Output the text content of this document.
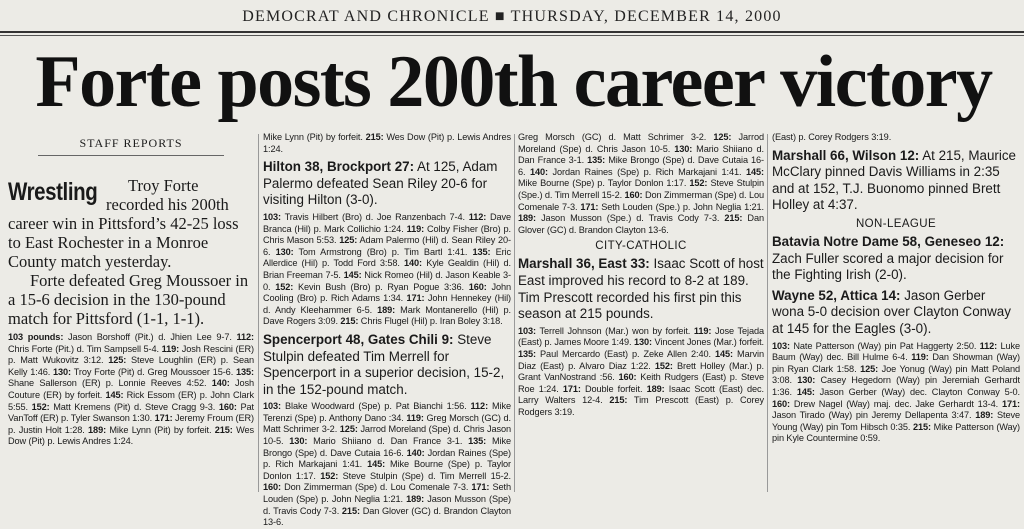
DEMOCRAT AND CHRONICLE ■ THURSDAY, DECEMBER 14, 2000
Forte posts 200th career victory
STAFF REPORTS
Wrestling	Troy Forte recorded his 200th career win in Pittsford’s 42-25 loss to East Rochester in a Monroe County match yesterday.

Forte defeated Greg Moussoer in a 15-6 decision in the 130-pound match for Pittsford (1-1, 1-1).

103 pounds: Jason Borshoff (Pit.) d. Jhien Lee 9-7. 112: Chris Forte (Pit.) d. Tim Sampsell 5-4. 119: Josh Rescini (ER) p. Matt Wukovitz 3:12. 125: Steve Loughlin (ER) p. Sean Kelly 1:46. 130: Troy Forte (Pit) d. Greg Moussoer 15-6. 135: Shane Sallerson (ER) p. Lonnie Reeves 4:52. 140: Josh Couture (ER) by forfeit. 145: Rick Essom (ER) p. John Clark 5:55. 152: Matt Kremens (Pit) d. Steve Cragg 9-3. 160: Pat VanToff (ER) p. Tyler Swanson 1:30. 171: Jeremy Froum (ER) p. Justin Holt 1:28. 189: Mike Lynn (Pit) by forfeit. 215: Wes Dow (Pit) p. Lewis Andres 1:24.

Mike Lynn (Pit) by forfeit. 215: Wes Dow (Pit) p. Lewis Andres 1:24.

Hilton 38, Brockport 27: At 125, Adam Palermo defeated Sean Riley 20-6 for visiting Hilton (3-0).

103: Travis Hilbert (Bro) d. Joe Ranzenbach 7-4. 112: Dave Branca (Hil) p. Mark Collichio 1:24. 119: Colby Fisher (Bro) p. Chris Mason 5:53. 125: Adam Palermo (Hil) d. Sean Riley 20-6. 130: Tom Armstrong (Bro) p. Tim Bartl 1:41. 135: Eric Allerdice (Hil) p. Todd Ford 3:58. 140: Kyle Gealdin (Hil) d. Brian Freeman 7-5. 145: Nick Romeo (Hil) d. Jason Keable 3-0. 152: Kevin Bush (Bro) p. Ryan Pogue 3:36. 160: John Cooling (Bro) p. Rich Adams 1:34. 171: John Hennekey (Hil) d. Andy Kleehammer 6-5. 189: Mark Montanerello (Hil) p. Dave Rogers 3:09. 215: Chris Flugel (Hil) p. Iran Boley 3:18.

Spencerport 48, Gates Chili 9: Steve Stulpin defeated Tim Merrell for Spencerport in a superior decision, 15-2, in the 152-pound match.

103: Blake Woodward (Spe) p. Pat Bianchi 1:56. 112: Mike Terenzi (Spe) p. Anthony Dano :34. 119: Greg Morsch (GC) d. Matt Schrimer 3-2. 125: Jarrod Moreland (Spe) d. Chris Jason 10-5. 130: Mario Shiiano d. Dan France 3-1. 135: Mike Brongo (Spe) d. Dave Cutaia 16-6. 140: Jordan Raines (Spe) p. Rich Markajani 1:41. 145: Mike Bourne (Spe) p. Taylor Donlon 1:17. 152: Steve Stulpin (Spe) d. Tim Merrell 15-2. 160: Don Zimmerman (Spe) d. Lou Comenale 7-3. 171: Seth Louden (Spe) p. John Neglia 1:21. 189: Jason Musson (Spe) d. Travis Cody 7-3. 215: Dan Glover (GC) d. Brandon Clayton 13-6.

Greg Morsch (GC) d. Matt Schrimer 3-2. 125: Jarrod Moreland (Spe) d. Chris Jason 10-5. 130: Mario Shiiano d. Dan France 3-1. 135: Mike Brongo (Spe) d. Dave Cutaia 16-6. 140: Jordan Raines (Spe) p. Rich Markajani 1:41. 145: Mike Bourne (Spe) p. Taylor Donlon 1:17. 152: Steve Stulpin (Spe.) d. Tim Merrell 15-2. 160: Don Zimmerman (Spe) d. Lou Comenale 7-3. 171: Seth Louden (Spe.) p. John Neglia 1:21. 189: Jason Musson (Spe.) d. Travis Cody 7-3. 215: Dan Glover (GC) d. Brandon Clayton 13-6.

CITY-CATHOLIC

Marshall 36, East 33: Isaac Scott of host East improved his record to 8-2 at 189. Tim Prescott recorded his first pin this season at 215 pounds.

103: Terrell Johnson (Mar.) won by forfeit. 119: Jose Tejada (East) p. James Moore 1:49. 130: Vincent Jones (Mar.) forfeit. 135: Paul Mercardo (East) p. Zeke Allen 2:40. 145: Marvin Diaz (East) p. Alvaro Diaz 1:22. 152: Brett Holley (Mar.) p. Grant VanNostrand :56. 160: Keith Rudgers (East) p. Steve Roe 1:24. 171: Double forfeit. 189: Isaac Scott (East) dec. Larry Walters 12-4. 215: Tim Prescott (East) p. Corey Rodgers 3:19.

(East) p. Corey Rodgers 3:19.

Marshall 66, Wilson 12: At 215, Maurice McClary pinned Davis Williams in 2:35 and at 152, T.J. Buonomo pinned Brett Holley at 4:37.

NON-LEAGUE

Batavia Notre Dame 58, Geneseo 12: Zach Fuller scored a major decision for the Fighting Irish (2-0).

Wayne 52, Attica 14: Jason Gerber wona 5-0 decision over Clayton Conway at 145 for the Eagles (3-0).

103: Nate Patterson (Way) pin Pat Haggerty 2:50. 112: Luke Baum (Way) dec. Bill Hulme 6-4. 119: Dan Showman (Way) pin Ryan Clark 1:58. 125: Joe Yonug (Way) pin Matt Poland 3:08. 130: Casey Hegedorn (Way) pin Jeremiah Gerhardt 1:36. 145: Jason Gerber (Way) dec. Clayton Conway 5-0. 160: Drew Nagel (Way) maj. dec. Jake Gerhardt 13-4. 171: Jason Tirado (Way) pin Jeremy Dellapenta 3:47. 189: Steve Young (Way) pin Tom Hibsch 0:35. 215: Mike Patterson (Way) pin Kyle Countermine 0:59.
